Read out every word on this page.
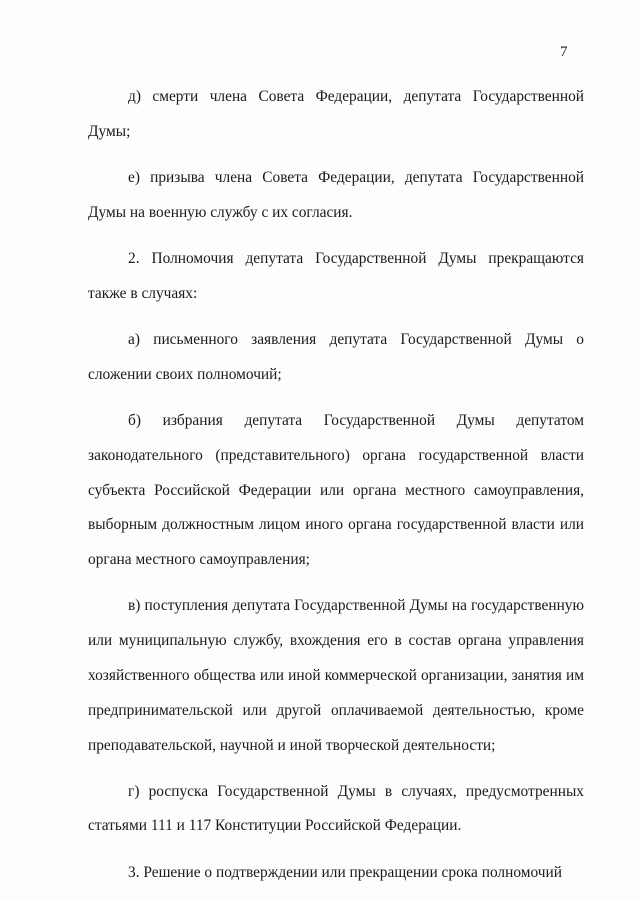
7

д) смерти члена Совета Федерации, депутата Государственной Думы;

е) призыва члена Совета Федерации, депутата Государственной Думы на военную службу с их согласия.

2. Полномочия депутата Государственной Думы прекращаются также в случаях:

а) письменного заявления депутата Государственной Думы о сложении своих полномочий;

б) избрания депутата Государственной Думы депутатом законодательного (представительного) органа государственной власти субъекта Российской Федерации или органа местного самоуправления, выборным должностным лицом иного органа государственной власти или органа местного самоуправления;

в) поступления депутата Государственной Думы на государственную или муниципальную службу, вхождения его в состав органа управления хозяйственного общества или иной коммерческой организации, занятия им предпринимательской или другой оплачиваемой деятельностью, кроме преподавательской, научной и иной творческой деятельности;

г) роспуска Государственной Думы в случаях, предусмотренных статьями 111 и 117 Конституции Российской Федерации.

3. Решение о подтверждении или прекращении срока полномочий
